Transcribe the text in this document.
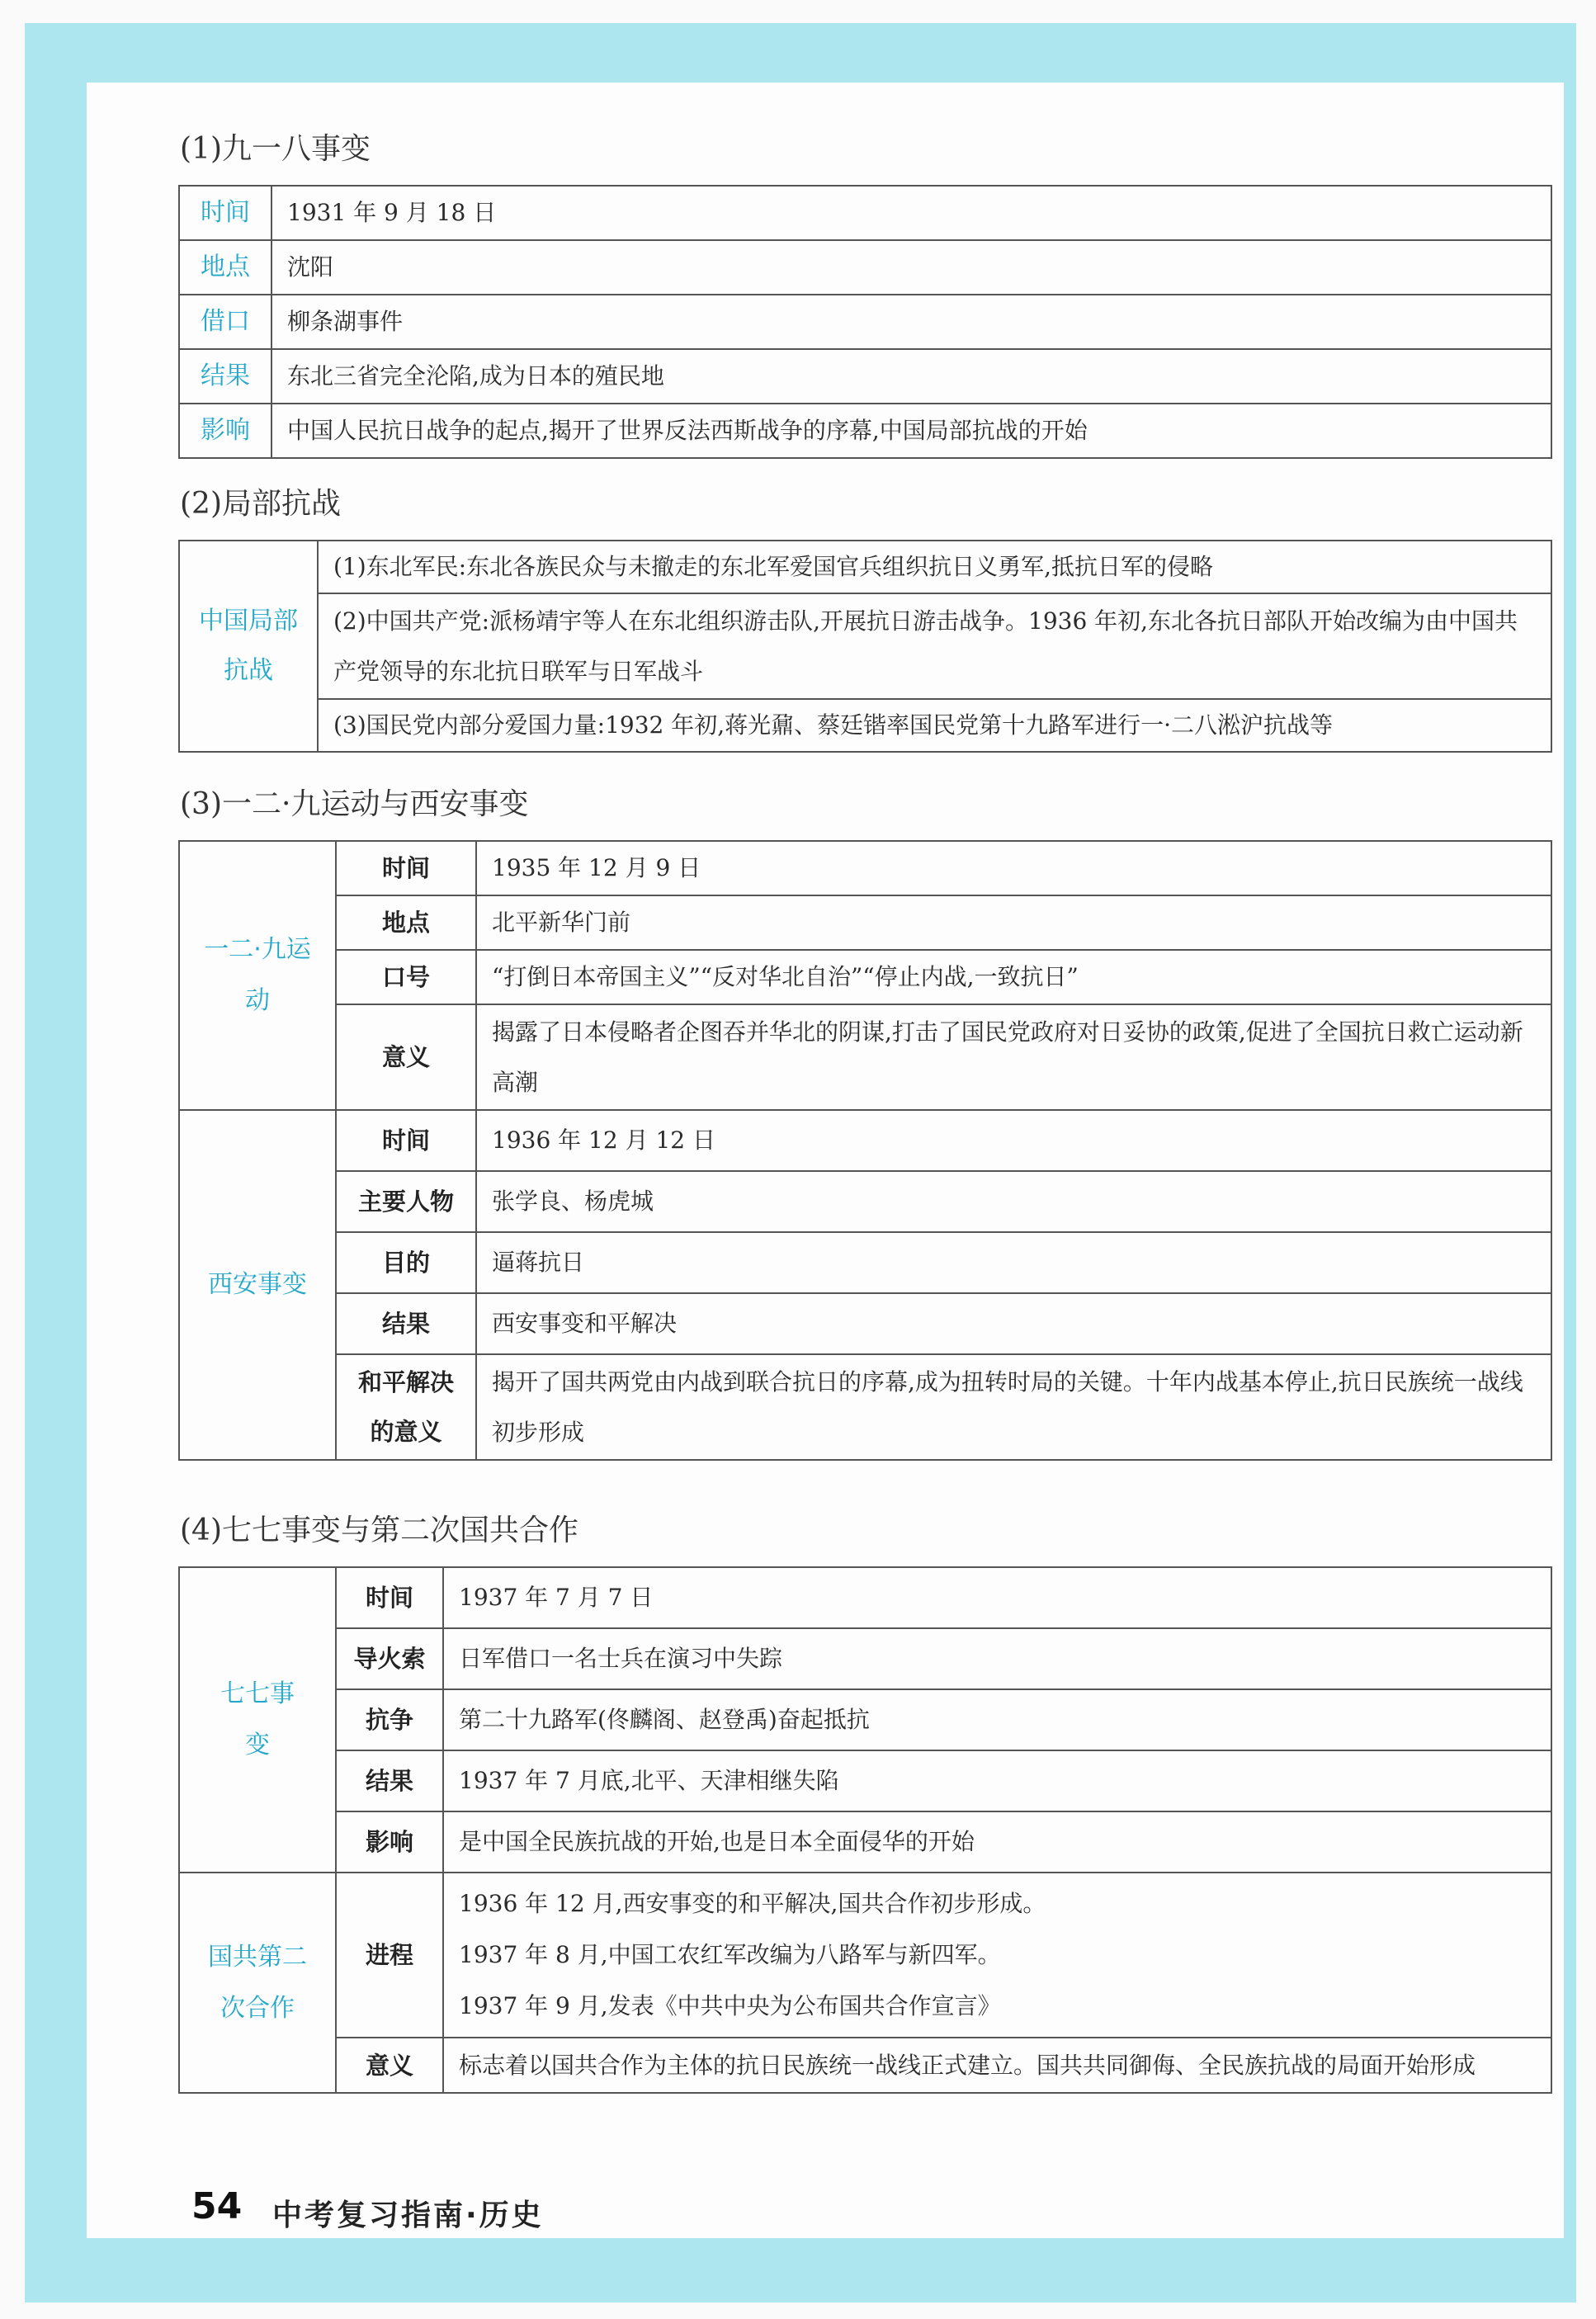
(1)九一八事变
时间	1931 年 9 月 18 日
地点	沈阳
借口	柳条湖事件
结果	东北三省完全沦陷,成为日本的殖民地
影响	中国人民抗日战争的起点,揭开了世界反法西斯战争的序幕,中国局部抗战的开始
(2)局部抗战
中国局部抗战	(1)东北军民:东北各族民众与未撤走的东北军爱国官兵组织抗日义勇军,抵抗日军的侵略
(2)中国共产党:派杨靖宇等人在东北组织游击队,开展抗日游击战争。1936 年初,东北各抗日部队开始改编为由中国共产党领导的东北抗日联军与日军战斗
(3)国民党内部分爱国力量:1932 年初,蒋光鼐、蔡廷锴率国民党第十九路军进行一·二八淞沪抗战等
(3)一二·九运动与西安事变
一二·九运动	时间	1935 年 12 月 9 日
	地点	北平新华门前
	口号	“打倒日本帝国主义”“反对华北自治”“停止内战,一致抗日”
	意义	揭露了日本侵略者企图吞并华北的阴谋,打击了国民党政府对日妥协的政策,促进了全国抗日救亡运动新高潮
西安事变	时间	1936 年 12 月 12 日
	主要人物	张学良、杨虎城
	目的	逼蒋抗日
	结果	西安事变和平解决
	和平解决的意义	揭开了国共两党由内战到联合抗日的序幕,成为扭转时局的关键。十年内战基本停止,抗日民族统一战线初步形成
(4)七七事变与第二次国共合作
七七事变	时间	1937 年 7 月 7 日
	导火索	日军借口一名士兵在演习中失踪
	抗争	第二十九路军(佟麟阁、赵登禹)奋起抵抗
	结果	1937 年 7 月底,北平、天津相继失陷
	影响	是中国全民族抗战的开始,也是日本全面侵华的开始
国共第二次合作	进程	1936 年 12 月,西安事变的和平解决,国共合作初步形成。
1937 年 8 月,中国工农红军改编为八路军与新四军。
1937 年 9 月,发表《中共中央为公布国共合作宣言》

	意义	标志着以国共合作为主体的抗日民族统一战线正式建立。国共共同御侮、全民族抗战的局面开始形成
54 中考复习指南·历史
